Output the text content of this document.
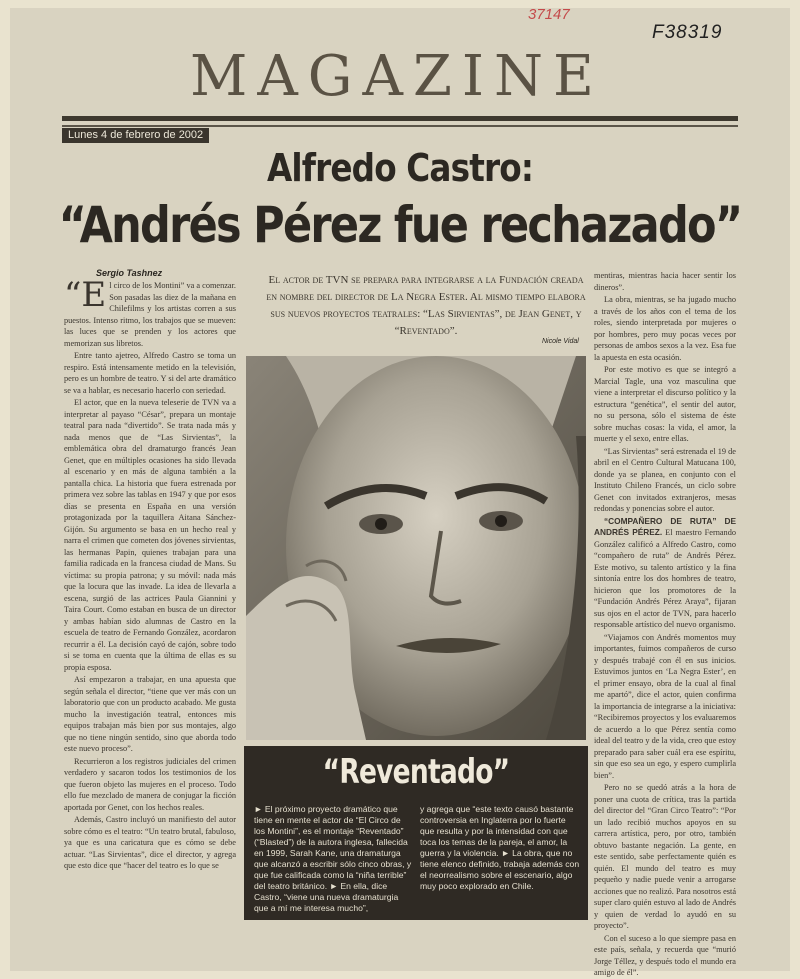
37147
F38319
MAGAZINE
Lunes 4 de febrero de 2002
Alfredo Castro:
“Andrés Pérez fue rechazado”
Sergio Tashnez
El actor de TVN se prepara para integrarse a la Fundación creada en nombre del director de La Negra Ester. Al mismo tiempo elabora sus nuevos proyectos teatrales: “Las Sirvientas”, de Jean Genet, y “Reventado”.
Nicole Vidal
“E l circo de los Montini” va a comenzar. Son pasadas las diez de la mañana en Chilefilms y los artistas corren a sus puestos. Intenso ritmo, los trabajos que se mueven: las luces que se prenden y los actores que memorizan sus libretos.

Entre tanto ajetreo, Alfredo Castro se toma un respiro. Está intensamente metido en la televisión, pero es un hombre de teatro. Y si del arte dramático se va a hablar, es necesario hacerlo con seriedad.

El actor, que en la nueva teleserie de TVN va a interpretar al payaso “César”, prepara un montaje teatral para nada “divertido”. Se trata nada más y nada menos que de “Las Sirvientas”, la emblemática obra del dramaturgo francés Jean Genet, que en múltiples ocasiones ha sido llevada al escenario y en más de alguna también a la pantalla chica. La historia que fuera estrenada por primera vez sobre las tablas en 1947 y que por esos días se presenta en España en una versión protagonizada por la taquillera Aitana Sánchez-Gijón. Su argumento se basa en un hecho real y narra el crimen que cometen dos jóvenes sirvientas, las hermanas Papin, quienes trabajan para una familia radicada en la francesa ciudad de Mans. Su víctima: su propia patrona; y su móvil: nada más que la locura que las invade. La idea de llevarla a escena, surgió de las actrices Paula Giannini y Taira Court. Como estaban en busca de un director y ambas habían sido alumnas de Castro en la escuela de teatro de Fernando González, acordaron recurrir a él. La decisión cayó de cajón, sobre todo si se toma en cuenta que la última de ellas es su propia esposa.

Así empezaron a trabajar, en una apuesta que según señala el director, “tiene que ver más con un laboratorio que con un producto acabado. Me gusta mucho la investigación teatral, entonces mis equipos trabajan más bien por sus montajes, algo que no tiene ningún sentido, sino que aborda todo este nuevo proceso”.

Recurrieron a los registros judiciales del crimen verdadero y sacaron todos los testimonios de los que fueron objeto las mujeres en el proceso. Todo ello fue mezclado de manera de conjugar la ficción aportada por Genet, con los hechos reales.

Además, Castro incluyó un manifiesto del autor sobre cómo es el teatro: “Un teatro brutal, fabuloso, ya que es una caricatura que es cómo se debe actuar. “Las Sirvientas”, dice el director, y agrega que esto dice que “hacer del teatro es lo que se

“Reventado”
► El próximo proyecto dramático que tiene en mente el actor de “El Circo de los Montini”, es el montaje “Reventado” (“Blasted”) de la autora inglesa, fallecida en 1999, Sarah Kane, una dramaturga que alcanzó a escribir sólo cinco obras, y que fue calificada como la “niña terrible” del teatro británico. ► En ella, dice Castro, “viene una nueva dramaturgia que a mí me interesa mucho”,
y agrega que “este texto causó bastante controversia en Inglaterra por lo fuerte que resulta y por la intensidad con que toca los temas de la pareja, el amor, la guerra y la violencia. ► La obra, que no tiene elenco definido, trabaja además con el neorrealismo sobre el escenario, algo muy poco explorado en Chile.

mentiras, mientras hacia hacer sentir los dineros”.

La obra, mientras, se ha jugado mucho a través de los años con el tema de los roles, siendo interpretada por mujeres o por hombres, pero muy pocas veces por personas de ambos sexos a la vez. Esa fue la apuesta en esta ocasión.

Por este motivo es que se integró a Marcial Tagle, una voz masculina que viene a interpretar el discurso político y la estructura “genética”, el sentir del autor, no su persona, sólo el sistema de éste sobre muchas cosas: la vida, el amor, la muerte y el sexo, entre ellas.

“Las Sirvientas” será estrenada el 19 de abril en el Centro Cultural Matucana 100, donde ya se planea, en conjunto con el Instituto Chileno Francés, un ciclo sobre Genet con invitados extranjeros, mesas redondas y ponencias sobre el autor.

“COMPAÑERO DE RUTA” DE ANDRÉS PÉREZ. El maestro Fernando González calificó a Alfredo Castro, como “compañero de ruta” de Andrés Pérez. Este motivo, su talento artístico y la fina sintonía entre los dos hombres de teatro, hicieron que los promotores de la “Fundación Andrés Pérez Araya”, fijaran sus ojos en el actor de TVN, para hacerlo responsable artístico del nuevo organismo.

“Viajamos con Andrés momentos muy importantes, fuimos compañeros de curso y después trabajé con él en sus inicios. Estuvimos juntos en ‘La Negra Ester’, en el primer ensayo, obra de la cual al final me apartó”, dice el actor, quien confirma la importancia de integrarse a la iniciativa: “Recibiremos proyectos y los evaluaremos de acuerdo a lo que Pérez sentía como ideal del teatro y de la vida, creo que estoy preparado para saber cuál era ese espíritu, sin que eso sea un ego, y espero cumplirla bien”.

Pero no se quedó atrás a la hora de poner una cuota de crítica, tras la partida del director del “Gran Circo Teatro”: “Por un lado recibió muchos apoyos en su carrera artística, pero, por otro, también obtuvo bastante negación. La gente, en este sentido, sabe perfectamente quién es quién. El mundo del teatro es muy pequeño y nadie puede venir a arrogarse acciones que no realizó. Para nosotros está super claro quién estuvo al lado de Andrés y quien de verdad lo ayudó en su proyecto”.

Con el suceso a lo que siempre pasa en este país, señala, y recuerda que “murió Jorge Téllez, y después todo el mundo era amigo de él”.
